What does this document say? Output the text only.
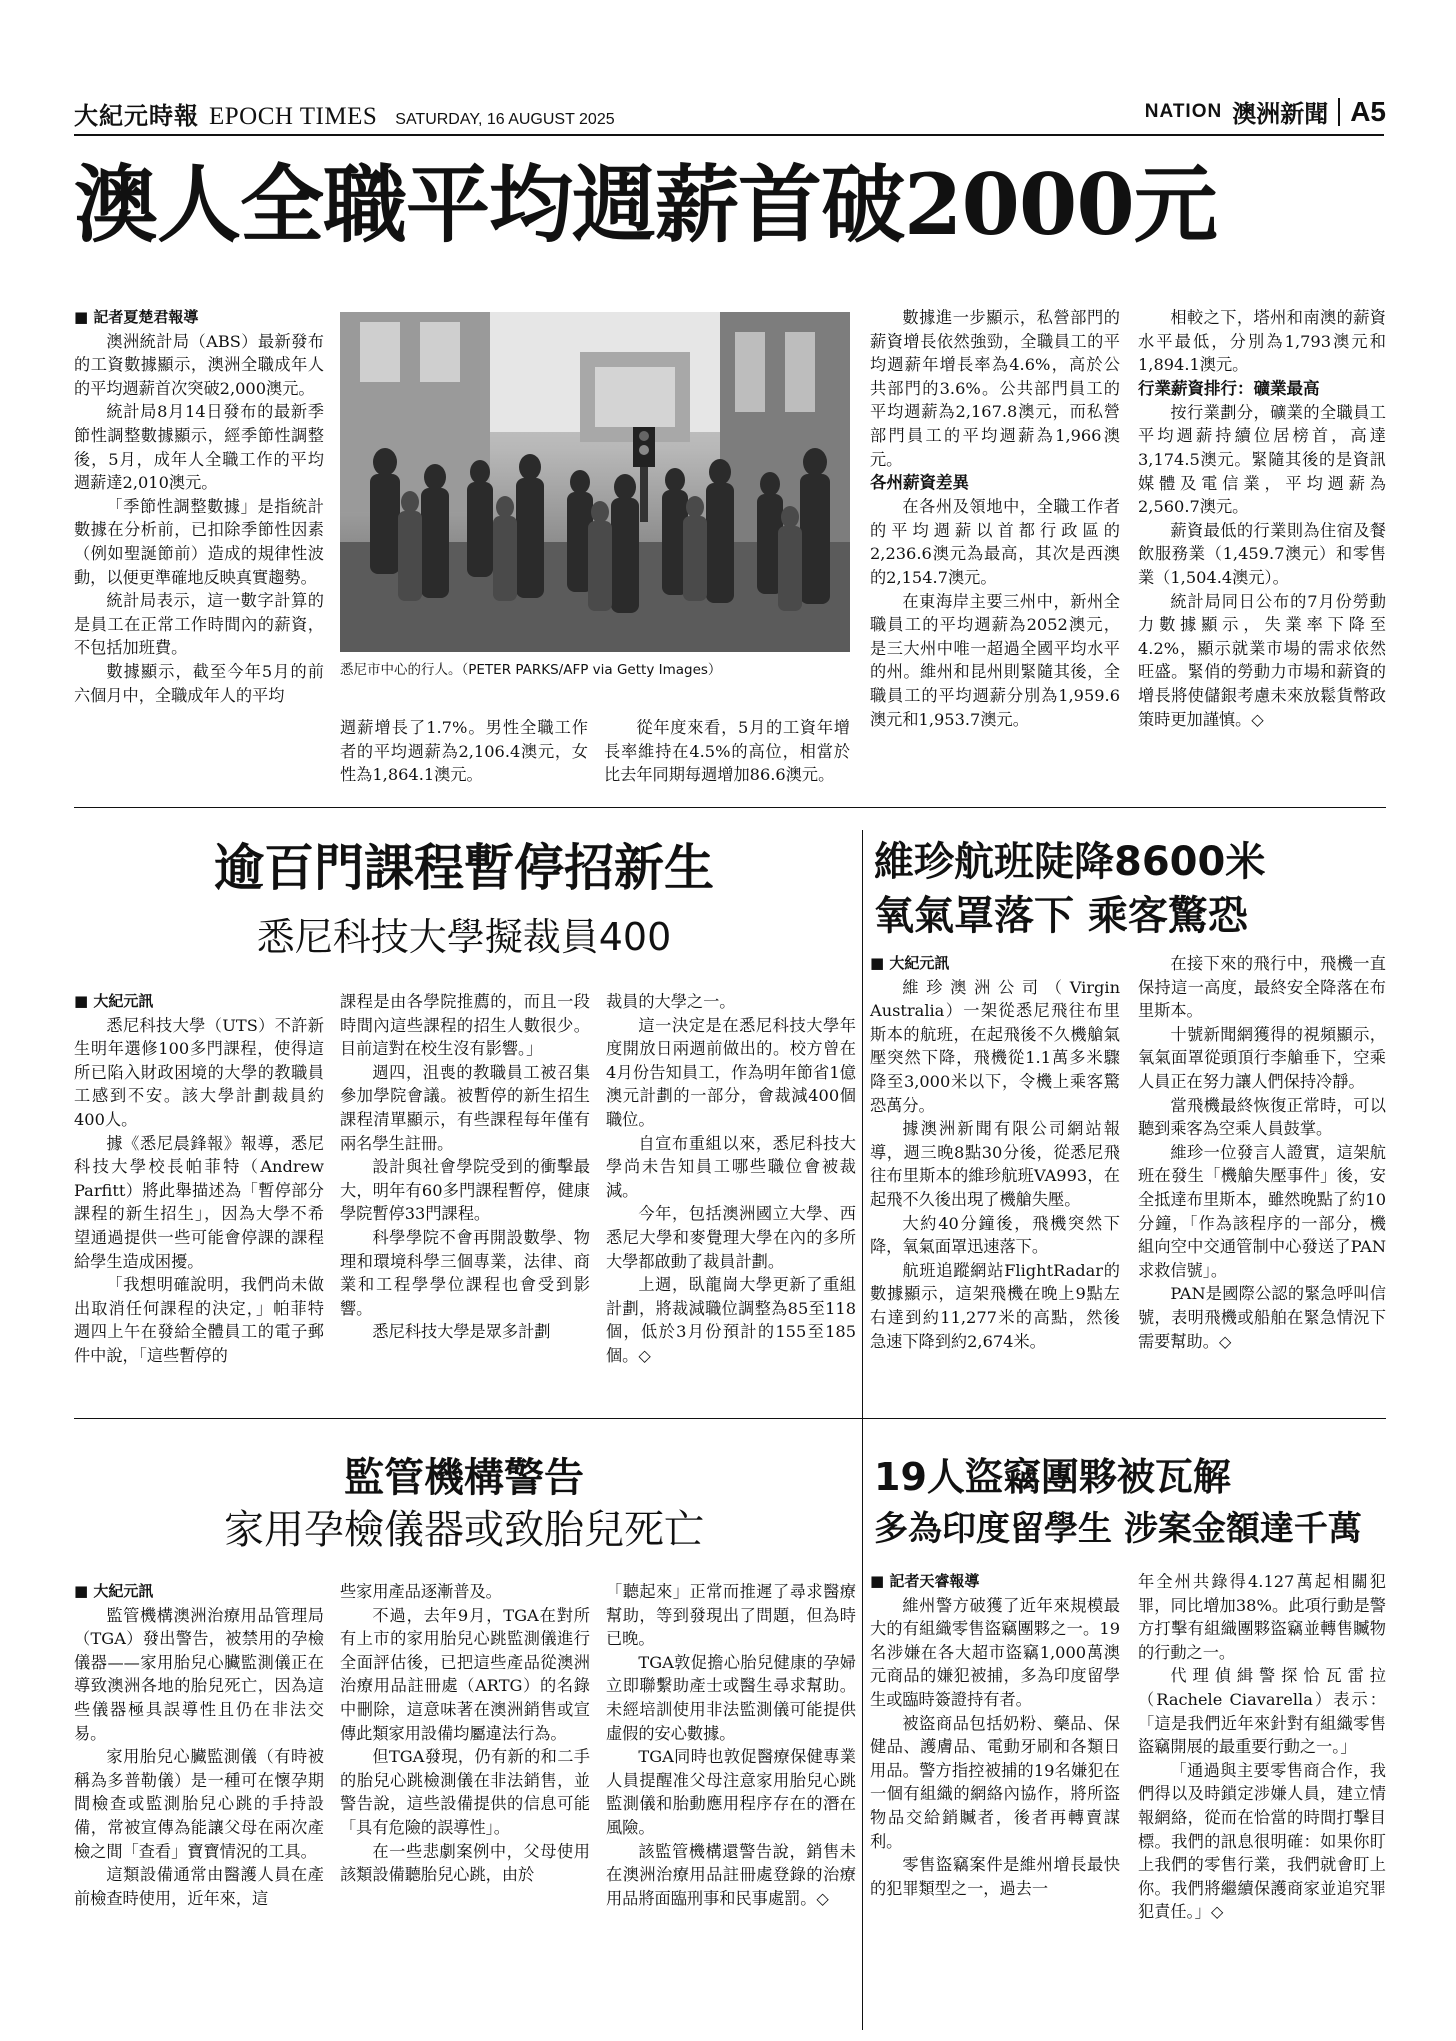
大紀元時報 EPOCH TIMES SATURDAY, 16 AUGUST 2025	NATION 澳洲新聞 A5
澳人全職平均週薪首破2000元

■ 記者夏楚君報導

澳洲統計局（ABS）最新發布的工資數據顯示，澳洲全職成年人的平均週薪首次突破2,000澳元。

統計局8月14日發布的最新季節性調整數據顯示，經季節性調整後，5月，成年人全職工作的平均週薪達2,010澳元。

「季節性調整數據」是指統計數據在分析前，已扣除季節性因素（例如聖誕節前）造成的規律性波動，以便更準確地反映真實趨勢。

統計局表示，這一數字計算的是員工在正常工作時間內的薪資，不包括加班費。

數據顯示，截至今年5月的前六個月中，全職成年人的平均

悉尼市中心的行人。（PETER PARKS/AFP via Getty Images）

週薪增長了1.7%。男性全職工作者的平均週薪為2,106.4澳元，女性為1,864.1澳元。

從年度來看，5月的工資年增長率維持在4.5%的高位，相當於比去年同期每週增加86.6澳元。

數據進一步顯示，私營部門的薪資增長依然強勁，全職員工的平均週薪年增長率為4.6%，高於公共部門的3.6%。公共部門員工的平均週薪為2,167.8澳元，而私營部門員工的平均週薪為1,966澳元。

各州薪資差異

在各州及領地中，全職工作者的平均週薪以首都行政區的2,236.6澳元為最高，其次是西澳的2,154.7澳元。

在東海岸主要三州中，新州全職員工的平均週薪為2052澳元，是三大州中唯一超過全國平均水平的州。維州和昆州則緊隨其後，全職員工的平均週薪分別為1,959.6澳元和1,953.7澳元。

相較之下，塔州和南澳的薪資水平最低，分別為1,793澳元和1,894.1澳元。

行業薪資排行：礦業最高

按行業劃分，礦業的全職員工平均週薪持續位居榜首，高達3,174.5澳元。緊隨其後的是資訊媒體及電信業，平均週薪為2,560.7澳元。

薪資最低的行業則為住宿及餐飲服務業（1,459.7澳元）和零售業（1,504.4澳元）。

統計局同日公布的7月份勞動力數據顯示，失業率下降至4.2%，顯示就業市場的需求依然旺盛。緊俏的勞動力市場和薪資的增長將使儲銀考慮未來放鬆貨幣政策時更加謹慎。◇

逾百門課程暫停招新生
悉尼科技大學擬裁員400

■ 大紀元訊

悉尼科技大學（UTS）不許新生明年選修100多門課程，使得這所已陷入財政困境的大學的教職員工感到不安。該大學計劃裁員約400人。

據《悉尼晨鋒報》報導，悉尼科技大學校長帕菲特（Andrew Parfitt）將此舉描述為「暫停部分課程的新生招生」，因為大學不希望通過提供一些可能會停課的課程給學生造成困擾。

「我想明確說明，我們尚未做出取消任何課程的決定，」帕菲特週四上午在發給全體員工的電子郵件中說，「這些暫停的

課程是由各學院推薦的，而且一段時間內這些課程的招生人數很少。目前這對在校生沒有影響。」

週四，沮喪的教職員工被召集參加學院會議。被暫停的新生招生課程清單顯示，有些課程每年僅有兩名學生註冊。

設計與社會學院受到的衝擊最大，明年有60多門課程暫停，健康學院暫停33門課程。

科學學院不會再開設數學、物理和環境科學三個專業，法律、商業和工程學學位課程也會受到影響。

悉尼科技大學是眾多計劃

裁員的大學之一。

這一決定是在悉尼科技大學年度開放日兩週前做出的。校方曾在4月份告知員工，作為明年節省1億澳元計劃的一部分，會裁減400個職位。

自宣布重組以來，悉尼科技大學尚未告知員工哪些職位會被裁減。

今年，包括澳洲國立大學、西悉尼大學和麥覺理大學在內的多所大學都啟動了裁員計劃。

上週，臥龍崗大學更新了重組計劃，將裁減職位調整為85至118個，低於3月份預計的155至185個。◇

維珍航班陡降8600米
氧氣罩落下 乘客驚恐

■ 大紀元訊

維珍澳洲公司（Virgin Australia）一架從悉尼飛往布里斯本的航班，在起飛後不久機艙氣壓突然下降，飛機從1.1萬多米驟降至3,000米以下，令機上乘客驚恐萬分。

據澳洲新聞有限公司網站報導，週三晚8點30分後，從悉尼飛往布里斯本的維珍航班VA993，在起飛不久後出現了機艙失壓。

大約40分鐘後，飛機突然下降，氧氣面罩迅速落下。

航班追蹤網站FlightRadar的數據顯示，這架飛機在晚上9點左右達到約11,277米的高點，然後急速下降到約2,674米。

在接下來的飛行中，飛機一直保持這一高度，最終安全降落在布里斯本。

十號新聞網獲得的視頻顯示，氧氣面罩從頭頂行李艙垂下，空乘人員正在努力讓人們保持冷靜。

當飛機最終恢復正常時，可以聽到乘客為空乘人員鼓掌。

維珍一位發言人證實，這架航班在發生「機艙失壓事件」後，安全抵達布里斯本，雖然晚點了約10分鐘，「作為該程序的一部分，機組向空中交通管制中心發送了PAN求救信號」。

PAN是國際公認的緊急呼叫信號，表明飛機或船舶在緊急情況下需要幫助。◇

監管機構警告
家用孕檢儀器或致胎兒死亡

■ 大紀元訊

監管機構澳洲治療用品管理局（TGA）發出警告，被禁用的孕檢儀器——家用胎兒心臟監測儀正在導致澳洲各地的胎兒死亡，因為這些儀器極具誤導性且仍在非法交易。

家用胎兒心臟監測儀（有時被稱為多普勒儀）是一種可在懷孕期間檢查或監測胎兒心跳的手持設備，常被宣傳為能讓父母在兩次產檢之間「查看」寶寶情況的工具。

這類設備通常由醫護人員在產前檢查時使用，近年來，這

些家用產品逐漸普及。

不過，去年9月，TGA在對所有上市的家用胎兒心跳監測儀進行全面評估後，已把這些產品從澳洲治療用品註冊處（ARTG）的名錄中刪除，這意味著在澳洲銷售或宣傳此類家用設備均屬違法行為。

但TGA發現，仍有新的和二手的胎兒心跳檢測儀在非法銷售，並警告說，這些設備提供的信息可能「具有危險的誤導性」。

在一些悲劇案例中，父母使用該類設備聽胎兒心跳，由於

「聽起來」正常而推遲了尋求醫療幫助，等到發現出了問題，但為時已晚。

TGA敦促擔心胎兒健康的孕婦立即聯繫助產士或醫生尋求幫助。未經培訓使用非法監測儀可能提供虛假的安心數據。

TGA同時也敦促醫療保健專業人員提醒准父母注意家用胎兒心跳監測儀和胎動應用程序存在的潛在風險。

該監管機構還警告說，銷售未在澳洲治療用品註冊處登錄的治療用品將面臨刑事和民事處罰。◇

19人盜竊團夥被瓦解
多為印度留學生 涉案金額達千萬

■ 記者天睿報導

維州警方破獲了近年來規模最大的有組織零售盜竊團夥之一。19名涉嫌在各大超市盜竊1,000萬澳元商品的嫌犯被捕，多為印度留學生或臨時簽證持有者。

被盜商品包括奶粉、藥品、保健品、護膚品、電動牙刷和各類日用品。警方指控被捕的19名嫌犯在一個有組織的網絡內協作，將所盜物品交給銷贓者，後者再轉賣謀利。

零售盜竊案件是維州增長最快的犯罪類型之一，過去一

年全州共錄得4.127萬起相關犯罪，同比增加38%。此項行動是警方打擊有組織團夥盜竊並轉售贓物的行動之一。

代理偵緝警探恰瓦雷拉（Rachele Ciavarella）表示：「這是我們近年來針對有組織零售盜竊開展的最重要行動之一。」

「通過與主要零售商合作，我們得以及時鎖定涉嫌人員，建立情報網絡，從而在恰當的時間打擊目標。我們的訊息很明確：如果你盯上我們的零售行業，我們就會盯上你。我們將繼續保護商家並追究罪犯責任。」◇
